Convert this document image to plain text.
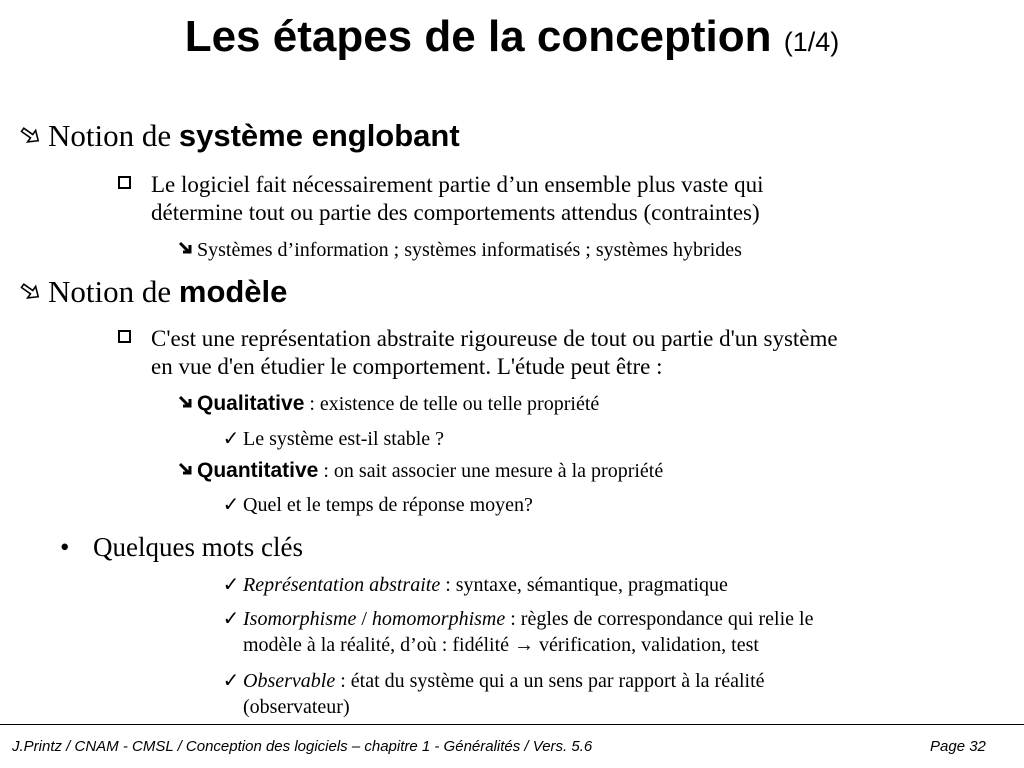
Les étapes de la conception (1/4)
Notion de système englobant
Le logiciel fait nécessairement partie d’un ensemble plus vaste qui
détermine tout ou partie des comportements attendus (contraintes)
Systèmes d’information ; systèmes informatisés ; systèmes hybrides
Notion de modèle
C'est une représentation abstraite rigoureuse de tout ou partie d'un système
en vue d'en étudier le comportement. L'étude peut être :
Qualitative : existence de telle ou telle propriété
✓ Le système est-il stable ?
Quantitative : on sait associer une mesure à la propriété
✓ Quel et le temps de réponse moyen?
• Quelques mots clés
✓ Représentation abstraite : syntaxe, sémantique, pragmatique
✓ Isomorphisme / homomorphisme : règles de correspondance qui relie le
modèle à la réalité, d’où : fidélité → vérification, validation, test
✓ Observable : état du système qui a un sens par rapport à la réalité
(observateur)
J.Printz / CNAM - CMSL / Conception des logiciels – chapitre 1 - Généralités / Vers. 5.6	Page 32
